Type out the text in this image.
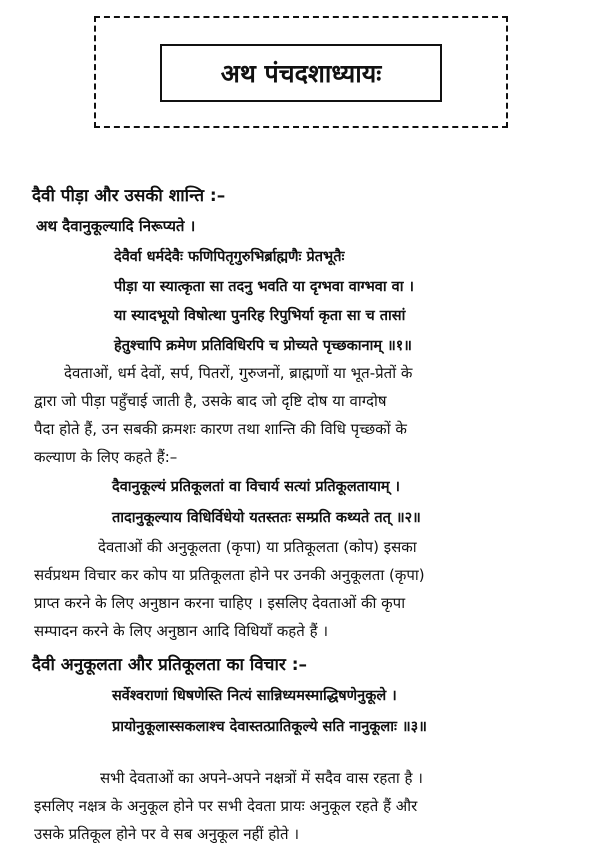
अथ पंचदशाध्यायः
दैवी पीड़ा और उसकी शान्ति :–
अथ दैवानुकूल्यादि निरूप्यते ।
देवैर्वा धर्मदेवैः फणिपितृगुरुभिर्ब्राह्मणैः प्रेतभूतैः
पीड़ा या स्यात्कृता सा तदनु भवति या दृग्भवा वाग्भवा वा ।
या स्यादभूयो विषोत्था पुनरिह रिपुभिर्या कृता सा च तासां
हेतुश्चापि क्रमेण प्रतिविधिरपि च प्रोच्यते पृच्छकानाम् ॥१॥
देवताओं, धर्म देवों, सर्प, पितरों, गुरुजनों, ब्राह्मणों या भूत-प्रेतों के
द्वारा जो पीड़ा पहुँचाई जाती है, उसके बाद जो दृष्टि दोष या वाग्दोष
पैदा होते हैं, उन सबकी क्रमशः कारण तथा शान्ति की विधि पृच्छकों के
कल्याण के लिए कहते हैं:–
दैवानुकूल्यं प्रतिकूलतां वा विचार्य सत्यां प्रतिकूलतायाम् ।
तादानुकूल्याय विधिर्विधेयो यतस्ततः सम्प्रति कथ्यते तत् ॥२॥
देवताओं की अनुकूलता (कृपा) या प्रतिकूलता (कोप) इसका
सर्वप्रथम विचार कर कोप या प्रतिकूलता होने पर उनकी अनुकूलता (कृपा)
प्राप्त करने के लिए अनुष्ठान करना चाहिए । इसलिए देवताओं की कृपा
सम्पादन करने के लिए अनुष्ठान आदि विधियाँ कहते हैं ।
दैवी अनुकूलता और प्रतिकूलता का विचार :–
सर्वेश्वराणां धिषणेस्ति नित्यं सान्निध्यमस्माद्धिषणेनुकूले ।
प्रायोनुकूलास्सकलाश्च देवास्तत्प्रातिकूल्ये सति नानुकूलाः ॥३॥
सभी देवताओं का अपने-अपने नक्षत्रों में सदैव वास रहता है ।
इसलिए नक्षत्र के अनुकूल होने पर सभी देवता प्रायः अनुकूल रहते हैं और
उसके प्रतिकूल होने पर वे सब अनुकूल नहीं होते ।
